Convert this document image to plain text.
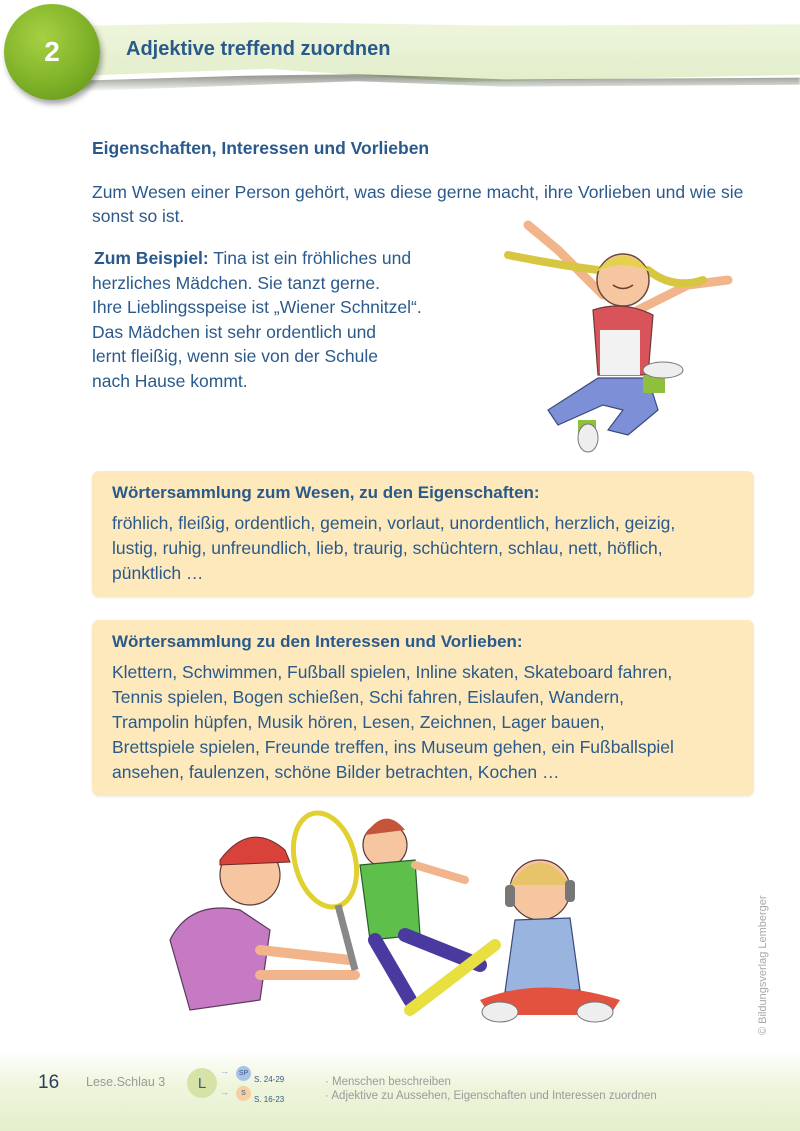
2	Adjektive treffend zuordnen
Eigenschaften, Interessen und Vorlieben
Zum Wesen einer Person gehört, was diese gerne macht, ihre Vorlieben und wie sie sonst so ist.
Zum Beispiel: Tina ist ein fröhliches und
herzliches Mädchen. Sie tanzt gerne.
Ihre Lieblingsspeise ist „Wiener Schnitzel“.
Das Mädchen ist sehr ordentlich und
lernt fleißig, wenn sie von der Schule
nach Hause kommt.
Wörtersammlung zum Wesen, zu den Eigenschaften:
fröhlich, fleißig, ordentlich, gemein, vorlaut, unordentlich, herzlich, geizig,
lustig, ruhig, unfreundlich, lieb, traurig, schüchtern, schlau, nett, höflich,
pünktlich …
Wörtersammlung zu den Interessen und Vorlieben:
Klettern, Schwimmen, Fußball spielen, Inline skaten, Skateboard fahren,
Tennis spielen, Bogen schießen, Schi fahren, Eislaufen, Wandern,
Trampolin hüpfen, Musik hören, Lesen, Zeichnen, Lager bauen,
Brettspiele spielen, Freunde treffen, ins Museum gehen, ein Fußballspiel
ansehen, faulenzen, schöne Bilder betrachten, Kochen …
© Bildungsverlag Lemberger
16 Lese.Schlau 3	L
→
→
SP
S
S. 24-29
S. 16-23
· Menschen beschreiben
· Adjektive zu Aussehen, Eigenschaften und Interessen zuordnen
